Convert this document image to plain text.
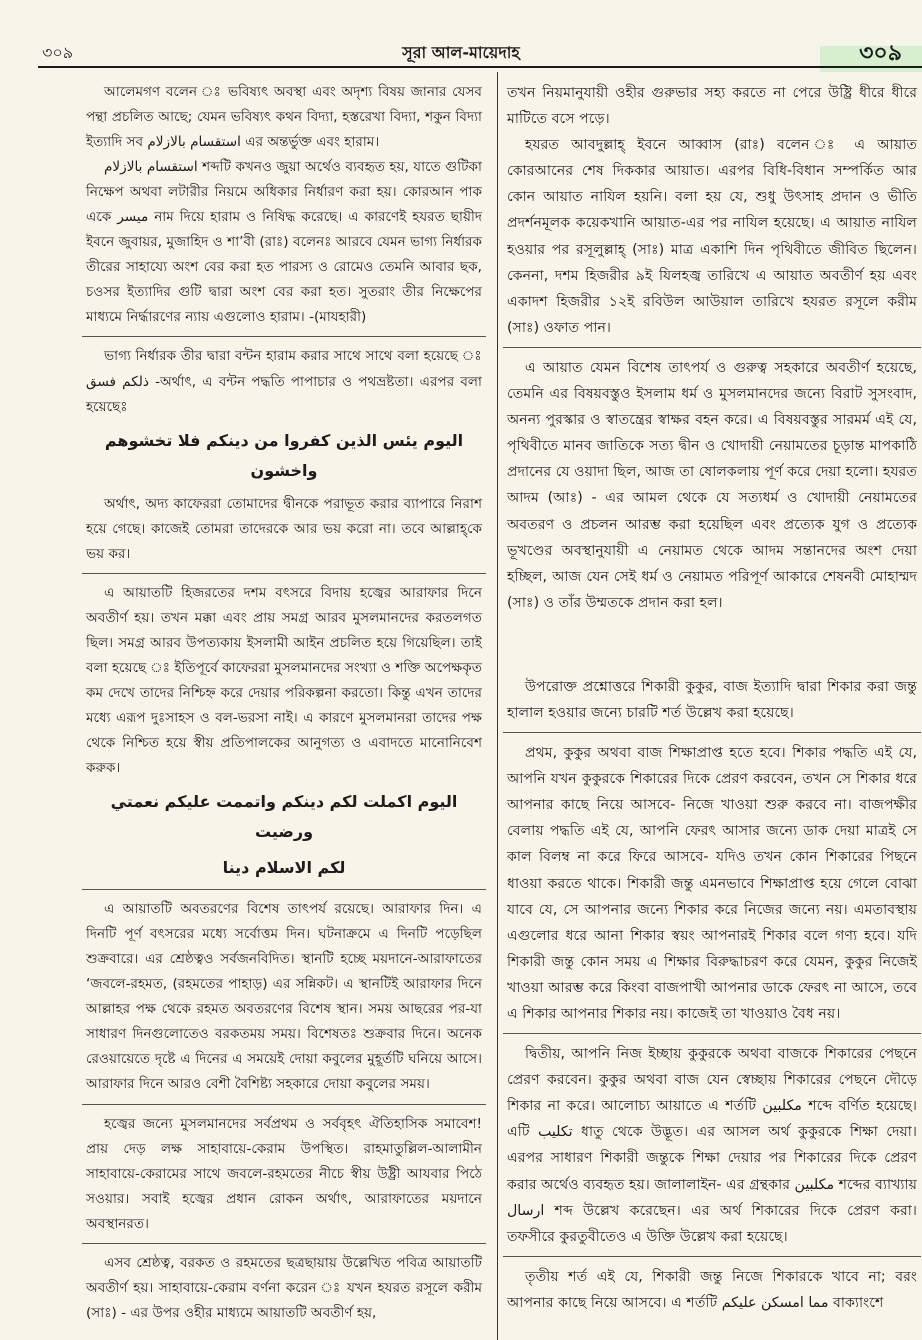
৩০৯	সূরা আল-মায়েদাহ	৩০৯

আলেমগণ বলেন ঃ ভবিষ্যৎ অবস্থা এবং অদৃশ্য বিষয় জানার যেসব পন্থা প্রচলিত আছে; যেমন ভবিষ্যৎ কথন বিদ্যা, হস্তরেখা বিদ্যা, শকুন বিদ্যা ইত্যাদি সব استقسام بالازلام এর অন্তর্ভুক্ত এবং হারাম।

استقسام بالازلام শব্দটি কখনও জুয়া অর্থেও ব্যবহৃত হয়, যাতে গুটিকা নিক্ষেপ অথবা লটারীর নিয়মে অধিকার নির্ধারণ করা হয়। কোরআন পাক একে ميسر নাম দিয়ে হারাম ও নিষিদ্ধ করেছে। এ কারণেই হযরত ছায়ীদ ইবনে জুবায়র, মুজাহিদ ও শা’বী (রাঃ) বলেনঃ আরবে যেমন ভাগ্য নির্ধারক তীরের সাহায্যে অংশ বের করা হত পারস্য ও রোমেও তেমনি আবার ছক, চওসর ইত্যাদির গুটি দ্বারা অংশ বের করা হত। সুতরাং তীর নিক্ষেপের মাধ্যমে নির্দ্ধারণের ন্যায় এগুলোও হারাম। -(মাযহারী)

ভাগ্য নির্ধারক তীর দ্বারা বন্টন হারাম করার সাথে সাথে বলা হয়েছে ঃ ذلكم فسق -অর্থাৎ, এ বন্টন পদ্ধতি পাপাচার ও পথভ্রষ্টতা। এরপর বলা হয়েছেঃ

اليوم يئس الذين كفروا من دينكم فلا تخشوهم واخشون

অর্থাৎ, অদ্য কাফেররা তোমাদের দ্বীনকে পরাভূত করার ব্যাপারে নিরাশ হয়ে গেছে। কাজেই তোমরা তাদেরকে আর ভয় করো না। তবে আল্লাহ্‌কে ভয় কর।

এ আয়াতটি হিজরতের দশম বৎসরে বিদায় হজ্বের আরাফার দিনে অবতীর্ণ হয়। তখন মক্কা এবং প্রায় সমগ্র আরব মুসলমানদের করতলগত ছিল। সমগ্র আরব উপত্যকায় ইসলামী আইন প্রচলিত হয়ে গিয়েছিল। তাই বলা হয়েছে ঃ ইতিপূর্বে কাফেররা মুসলমানদের সংখ্যা ও শক্তি অপেক্ষকৃত কম দেখে তাদের নিশ্চিহ্ন করে দেয়ার পরিকল্পনা করতো। কিন্তু এখন তাদের মধ্যে এরূপ দুঃসাহস ও বল-ভরসা নাই। এ কারণে মুসলমানরা তাদের পক্ষ থেকে নিশ্চিত হয়ে স্বীয় প্রতিপালকের আনুগত্য ও এবাদতে মানোনিবেশ করুক।

اليوم اكملت لكم دينكم واتممت عليكم نعمتي ورضيت

لكم الاسلام دينا

এ আয়াতটি অবতরণের বিশেষ তাৎপর্য রয়েছে। আরাফার দিন। এ দিনটি পূর্ণ বৎসরের মধ্যে সর্বোত্তম দিন। ঘটনাক্রমে এ দিনটি পড়েছিল শুক্রবারে। এর শ্রেষ্ঠত্বও সর্বজনবিদিত। স্থানটি হচ্ছে ময়দানে-আরাফাতের ‘জবলে-রহমত, (রহমতের পাহাড়) এর সন্নিকট। এ স্থানটিই আরাফার দিনে আল্লাহর পক্ষ থেকে রহমত অবতরণের বিশেষ স্থান। সময় আছরের পর-যা সাধারণ দিনগুলোতেও বরকতময় সময়। বিশেষতঃ শুক্রবার দিনে। অনেক রেওয়ায়েতে দৃষ্টে এ দিনের এ সময়েই দোয়া কবুলের মুহূর্তটি ঘনিয়ে আসে। আরাফার দিনে আরও বেশী বৈশিষ্ট্য সহকারে দোয়া কবুলের সময়।

হজ্বের জন্যে মুসলমানদের সর্বপ্রথম ও সর্ববৃহৎ ঐতিহাসিক সমাবেশ! প্রায় দেড় লক্ষ সাহাবায়ে-কেরাম উপস্থিত। রাহমাতুল্লিল-আলামীন সাহাবায়ে-কেরামের সাথে জবলে-রহমতের নীচে স্বীয় উষ্ট্রী আযবার পিঠে সওয়ার। সবাই হজ্বের প্রধান রোকন অর্থাৎ, আরাফাতের ময়দানে অবস্থানরত।

এসব শ্রেষ্ঠত্ব, বরকত ও রহমতের ছত্রছায়ায় উল্লেখিত পবিত্র আয়াতটি অবতীর্ণ হয়। সাহাবায়ে-কেরাম বর্ণনা করেন ঃ যখন হযরত রসূলে করীম (সাঃ) - এর উপর ওহীর মাধ্যমে আয়াতটি অবতীর্ণ হয়,

তখন নিয়মানুযায়ী ওহীর গুরুভার সহ্য করতে না পেরে উষ্ট্রি ধীরে ধীরে মাটিতে বসে পড়ে।

হযরত আবদুল্লাহ্‌ ইবনে আব্বাস (রাঃ) বলেন ঃ এ আয়াত কোরআনের শেষ দিককার আয়াত। এরপর বিধি-বিধান সম্পর্কিত আর কোন আয়াত নাযিল হয়নি। বলা হয় যে, শুধু উৎসাহ প্রদান ও ভীতি প্রদর্শনমূলক কয়েকখানি আয়াত-এর পর নাযিল হয়েছে। এ আয়াত নাযিল হওয়ার পর রসূলুল্লাহ্‌ (সাঃ) মাত্র একাশি দিন পৃথিবীতে জীবিত ছিলেন। কেননা, দশম হিজরীর ৯ই যিলহজ্ব তারিখে এ আয়াত অবতীর্ণ হয় এবং একাদশ হিজরীর ১২ই রবিউল আউয়াল তারিখে হযরত রসূলে করীম (সাঃ) ওফাত পান।

এ আয়াত যেমন বিশেষ তাৎপর্য ও গুরুত্ব সহকারে অবতীর্ণ হয়েছে, তেমনি এর বিষয়বস্তুও ইসলাম ধর্ম ও মুসলমানদের জন্যে বিরাট সুসংবাদ, অনন্য পুরস্কার ও স্বাতন্ত্রের স্বাক্ষর বহন করে। এ বিষয়বস্তুর সারমর্ম এই যে, পৃথিবীতে মানব জাতিকে সত্য দ্বীন ও খোদায়ী নেয়ামতের চূড়ান্ত মাপকাঠি প্রদানের যে ওয়াদা ছিল, আজ তা ষোলকলায় পূর্ণ করে দেয়া হলো। হযরত আদম (আঃ) - এর আমল থেকে যে সত্যধর্ম ও খোদায়ী নেয়ামতের অবতরণ ও প্রচলন আরম্ভ করা হয়েছিল এবং প্রত্যেক যুগ ও প্রত্যেক ভূখণ্ডের অবস্থানুযায়ী এ নেয়ামত থেকে আদম সন্তানদের অংশ দেয়া হচ্ছিল, আজ যেন সেই ধর্ম ও নেয়ামত পরিপূর্ণ আকারে শেষনবী মোহাম্মদ (সাঃ) ও তাঁর উম্মতকে প্রদান করা হল।

উপরোক্ত প্রশ্নোত্তরে শিকারী কুকুর, বাজ ইত্যাদি দ্বারা শিকার করা জন্তু হালাল হওয়ার জন্যে চারটি শর্ত উল্লেখ করা হয়েছে।

প্রথম, কুকুর অথবা বাজ শিক্ষাপ্রাপ্ত হতে হবে। শিকার পদ্ধতি এই যে, আপনি যখন কুকুরকে শিকারের দিকে প্রেরণ করবেন, তখন সে শিকার ধরে আপনার কাছে নিয়ে আসবে- নিজে খাওয়া শুরু করবে না। বাজপক্ষীর বেলায় পদ্ধতি এই যে, আপনি ফেরৎ আসার জন্যে ডাক দেয়া মাত্রই সে কাল বিলম্ব না করে ফিরে আসবে- যদিও তখন কোন শিকারের পিছনে ধাওয়া করতে থাকে। শিকারী জন্তু এমনভাবে শিক্ষাপ্রাপ্ত হয়ে গেলে বোঝা যাবে যে, সে আপনার জন্যে শিকার করে নিজের জন্যে নয়। এমতাবস্থায় এগুলোর ধরে আনা শিকার স্বয়ং আপনারই শিকার বলে গণ্য হবে। যদি শিকারী জন্তু কোন সময় এ শিক্ষার বিরুদ্ধাচরণ করে যেমন, কুকুর নিজেই খাওয়া আরম্ভ করে কিংবা বাজপাখী আপনার ডাকে ফেরৎ না আসে, তবে এ শিকার আপনার শিকার নয়। কাজেই তা খাওয়াও বৈধ নয়।

দ্বিতীয়, আপনি নিজ ইচ্ছায় কুকুরকে অথবা বাজকে শিকারের পেছনে প্রেরণ করবেন। কুকুর অথবা বাজ যেন স্বেচ্ছায় শিকারের পেছনে দৌড়ে শিকার না করে। আলোচ্য আয়াতে এ শর্তটি مكلبين শব্দে বর্ণিত হয়েছে। এটি تكليب ধাতু থেকে উদ্ভূত। এর আসল অর্থ কুকুরকে শিক্ষা দেয়া। এরপর সাধারণ শিকারী জন্তুকে শিক্ষা দেয়ার পর শিকারের দিকে প্রেরণ করার অর্থেও ব্যবহৃত হয়। জালালাইন- এর গ্রন্থকার مكلبين শব্দের ব্যাখ্যায় ارسال শব্দ উল্লেখ করেছেন। এর অর্থ শিকারের দিকে প্রেরণ করা। তফসীরে কুরতুবীতেও এ উক্তি উল্লেখ করা হয়েছে।

তৃতীয় শর্ত এই যে, শিকারী জন্তু নিজে শিকারকে খাবে না; বরং আপনার কাছে নিয়ে আসবে। এ শর্তটি مما امسكن عليكم বাক্যাংশে
